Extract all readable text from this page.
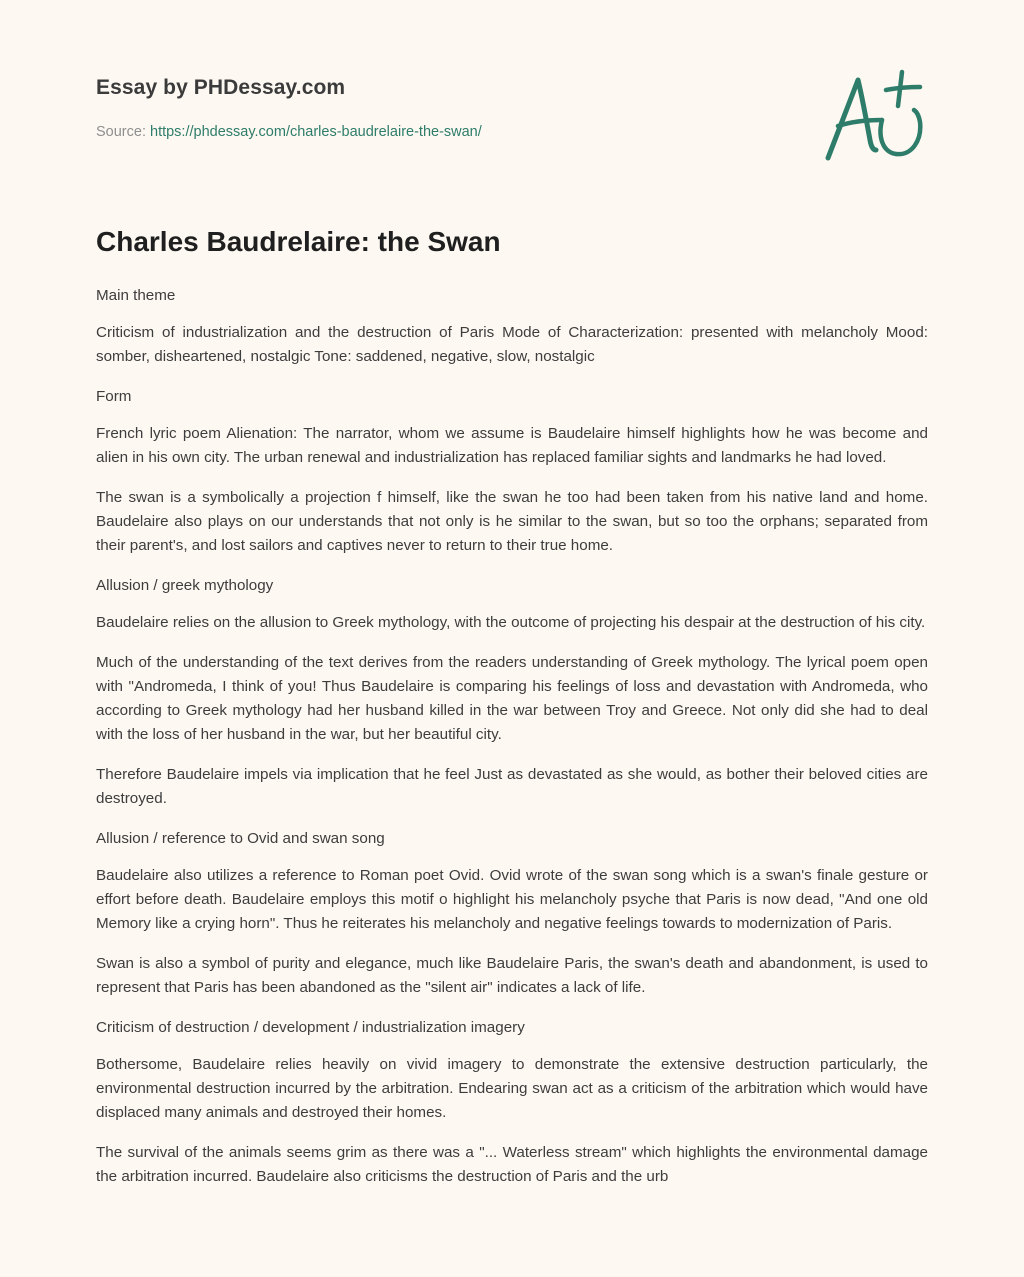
Essay by PHDessay.com
Source: https://phdessay.com/charles-baudrelaire-the-swan/
Charles Baudrelaire: the Swan

Main theme

Criticism of industrialization and the destruction of Paris Mode of Characterization: presented with melancholy Mood: somber, disheartened, nostalgic Tone: saddened, negative, slow, nostalgic

Form

French lyric poem Alienation: The narrator, whom we assume is Baudelaire himself highlights how he was become and alien in his own city. The urban renewal and industrialization has replaced familiar sights and landmarks he had loved.

The swan is a symbolically a projection f himself, like the swan he too had been taken from his native land and home. Baudelaire also plays on our understands that not only is he similar to the swan, but so too the orphans; separated from their parent's, and lost sailors and captives never to return to their true home.

Allusion / greek mythology

Baudelaire relies on the allusion to Greek mythology, with the outcome of projecting his despair at the destruction of his city.

Much of the understanding of the text derives from the readers understanding of Greek mythology. The lyrical poem open with "Andromeda, I think of you! Thus Baudelaire is comparing his feelings of loss and devastation with Andromeda, who according to Greek mythology had her husband killed in the war between Troy and Greece. Not only did she had to deal with the loss of her husband in the war, but her beautiful city.

Therefore Baudelaire impels via implication that he feel Just as devastated as she would, as bother their beloved cities are destroyed.

Allusion / reference to Ovid and swan song

Baudelaire also utilizes a reference to Roman poet Ovid. Ovid wrote of the swan song which is a swan's finale gesture or effort before death. Baudelaire employs this motif o highlight his melancholy psyche that Paris is now dead, "And one old Memory like a crying horn". Thus he reiterates his melancholy and negative feelings towards to modernization of Paris.

Swan is also a symbol of purity and elegance, much like Baudelaire Paris, the swan's death and abandonment, is used to represent that Paris has been abandoned as the "silent air" indicates a lack of life.

Criticism of destruction / development / industrialization imagery

Bothersome, Baudelaire relies heavily on vivid imagery to demonstrate the extensive destruction particularly, the environmental destruction incurred by the arbitration. Endearing swan act as a criticism of the arbitration which would have displaced many animals and destroyed their homes.

The survival of the animals seems grim as there was a "... Waterless stream" which highlights the environmental damage the arbitration incurred. Baudelaire also criticisms the destruction of Paris and the urb
